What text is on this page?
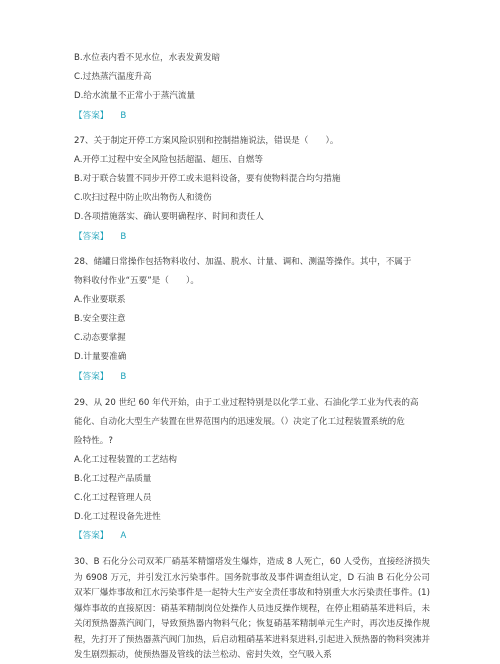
B.水位表内看不见水位，水表发黄发暗
C.过热蒸汽温度升高
D.给水流量不正常小于蒸汽流量
【答案】 B
27、关于制定开停工方案风险识别和控制措施说法，错误是（　　）。
A.开停工过程中安全风险包括超温、超压、自燃等
B.对于联合装置不同步开停工或未退料设备，要有使物料混合均匀措施
C.吹扫过程中防止吹出物伤人和烫伤
D.各项措施落实、确认要明确程序、时间和责任人
【答案】 B
28、储罐日常操作包括物料收付、加温、脱水、计量、调和、测温等操作。其中，不属于
物料收付作业“五要”是（　　）。
A.作业要联系
B.安全要注意
C.动态要掌握
D.计量要准确
【答案】 B
29、从 20 世纪 60 年代开始，由于工业过程特别是以化学工业、石油化学工业为代表的高
能化、自动化大型生产装置在世界范围内的迅速发展。（）决定了化工过程装置系统的危
险特性。?
A.化工过程装置的工艺结构
B.化工过程产品质量
C.化工过程管理人员
D.化工过程设备先进性
【答案】 A
30、B 石化分公司双苯厂硝基苯精馏塔发生爆炸，造成 8 人死亡，60 人受伤，直接经济损失为 6908 万元，并引发江水污染事件。国务院事故及事件调查组认定，D 石油 B 石化分公司双苯厂爆炸事故和江水污染事件是一起特大生产安全责任事故和特别重大水污染责任事件。(1)爆炸事故的直接原因：硝基苯精制岗位处操作人员违反操作规程，在停止粗硝基苯进料后，未关闭预热器蒸汽阀门，导致预热器内物料气化；恢复硝基苯精制单元生产时，再次违反操作规程，先打开了预热器蒸汽阀门加热，后启动粗硝基苯进料泵进料,引起进入预热器的物料突沸并发生剧烈振动，使预热器及管线的法兰松动、密封失效，空气吸入系
